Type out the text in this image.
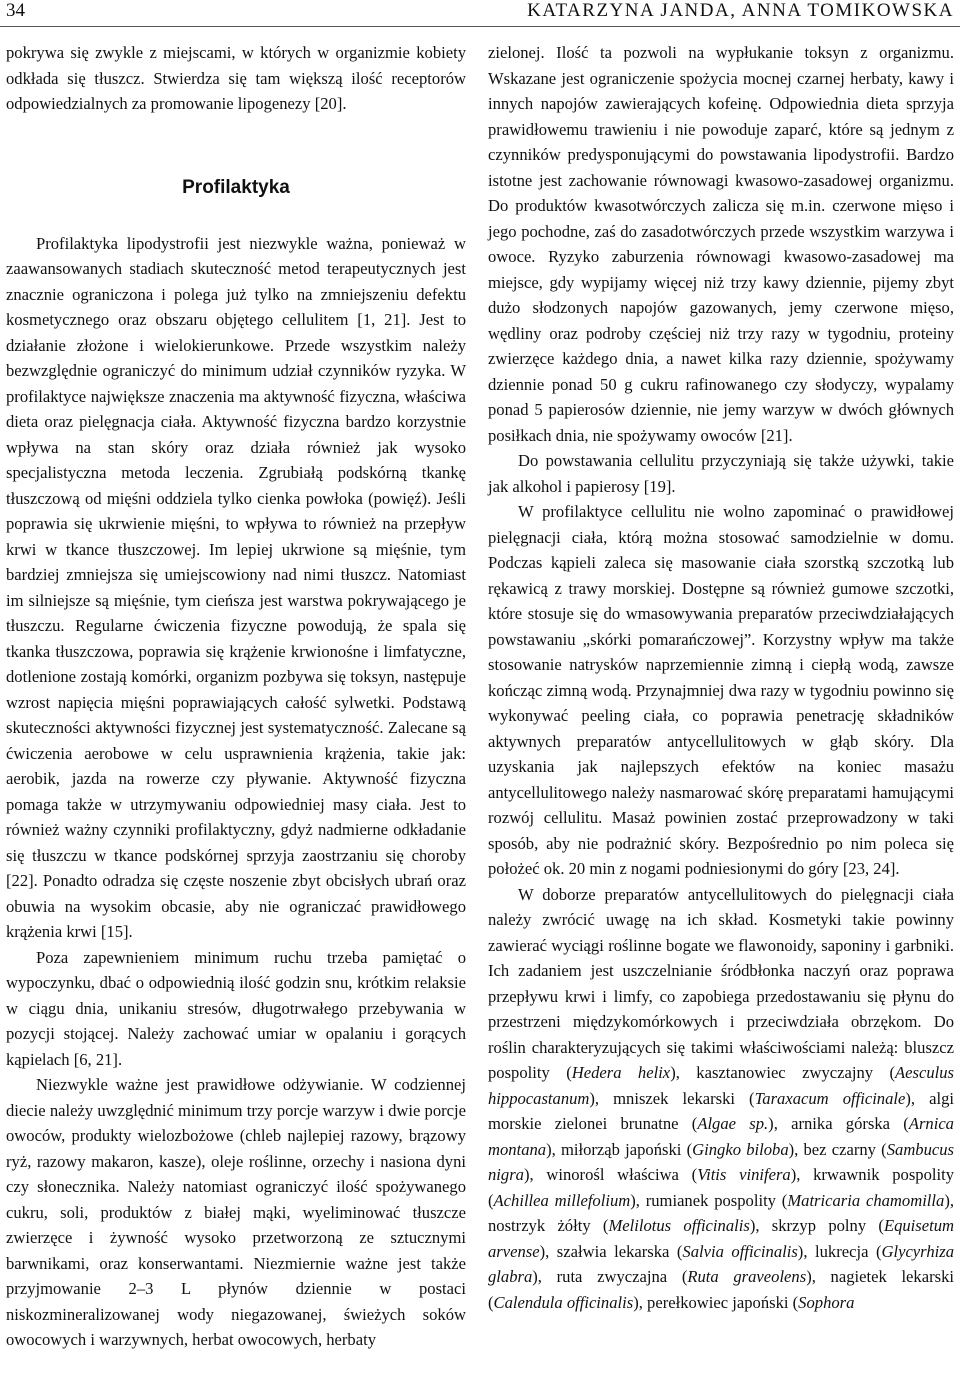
34	KATARZYNA JANDA, ANNA TOMIKOWSKA

pokrywa się zwykle z miejscami, w których w organizmie kobiety odkłada się tłuszcz. Stwierdza się tam większą ilość receptorów odpowiedzialnych za promowanie lipogenezy [20].

Profilaktyka

Profilaktyka lipodystrofii jest niezwykle ważna, ponieważ w zaawansowanych stadiach skuteczność metod terapeutycznych jest znacznie ograniczona i polega już tylko na zmniejszeniu defektu kosmetycznego oraz obszaru objętego cellulitem [1, 21]. Jest to działanie złożone i wielokierunkowe. Przede wszystkim należy bezwzględnie ograniczyć do minimum udział czynników ryzyka. W profilaktyce największe znaczenia ma aktywność fizyczna, właściwa dieta oraz pielęgnacja ciała. Aktywność fizyczna bardzo korzystnie wpływa na stan skóry oraz działa również jak wysoko specjalistyczna metoda leczenia. Zgrubiałą podskórną tkankę tłuszczową od mięśni oddziela tylko cienka powłoka (powięź). Jeśli poprawia się ukrwienie mięśni, to wpływa to również na przepływ krwi w tkance tłuszczowej. Im lepiej ukrwione są mięśnie, tym bardziej zmniejsza się umiejscowiony nad nimi tłuszcz. Natomiast im silniejsze są mięśnie, tym cieńsza jest warstwa pokrywającego je tłuszczu. Regularne ćwiczenia fizyczne powodują, że spala się tkanka tłuszczowa, poprawia się krążenie krwionośne i limfatyczne, dotlenione zostają komórki, organizm pozbywa się toksyn, następuje wzrost napięcia mięśni poprawiających całość sylwetki. Podstawą skuteczności aktywności fizycznej jest systematyczność. Zalecane są ćwiczenia aerobowe w celu usprawnienia krążenia, takie jak: aerobik, jazda na rowerze czy pływanie. Aktywność fizyczna pomaga także w utrzymywaniu odpowiedniej masy ciała. Jest to również ważny czynniki profilaktyczny, gdyż nadmierne odkładanie się tłuszczu w tkance podskórnej sprzyja zaostrzaniu się choroby [22]. Ponadto odradza się częste noszenie zbyt obcisłych ubrań oraz obuwia na wysokim obcasie, aby nie ograniczać prawidłowego krążenia krwi [15].

Poza zapewnieniem minimum ruchu trzeba pamiętać o wypoczynku, dbać o odpowiednią ilość godzin snu, krótkim relaksie w ciągu dnia, unikaniu stresów, długotrwałego przebywania w pozycji stojącej. Należy zachować umiar w opalaniu i gorących kąpielach [6, 21].

Niezwykle ważne jest prawidłowe odżywianie. W codziennej diecie należy uwzględnić minimum trzy porcje warzyw i dwie porcje owoców, produkty wielozbożowe (chleb najlepiej razowy, brązowy ryż, razowy makaron, kasze), oleje roślinne, orzechy i nasiona dyni czy słonecznika. Należy natomiast ograniczyć ilość spożywanego cukru, soli, produktów z białej mąki, wyeliminować tłuszcze zwierzęce i żywność wysoko przetworzoną ze sztucznymi barwnikami, oraz konserwantami. Niezmiernie ważne jest także przyjmowanie 2–3 L płynów dziennie w postaci niskozmineralizowanej wody niegazowanej, świeżych soków owocowych i warzywnych, herbat owocowych, herbaty

zielonej. Ilość ta pozwoli na wypłukanie toksyn z organizmu. Wskazane jest ograniczenie spożycia mocnej czarnej herbaty, kawy i innych napojów zawierających kofeinę. Odpowiednia dieta sprzyja prawidłowemu trawieniu i nie powoduje zaparć, które są jednym z czynników predysponującymi do powstawania lipodystrofii. Bardzo istotne jest zachowanie równowagi kwasowo-zasadowej organizmu. Do produktów kwasotwórczych zalicza się m.in. czerwone mięso i jego pochodne, zaś do zasadotwórczych przede wszystkim warzywa i owoce. Ryzyko zaburzenia równowagi kwasowo-zasadowej ma miejsce, gdy wypijamy więcej niż trzy kawy dziennie, pijemy zbyt dużo słodzonych napojów gazowanych, jemy czerwone mięso, wędliny oraz podroby częściej niż trzy razy w tygodniu, proteiny zwierzęce każdego dnia, a nawet kilka razy dziennie, spożywamy dziennie ponad 50 g cukru rafinowanego czy słodyczy, wypalamy ponad 5 papierosów dziennie, nie jemy warzyw w dwóch głównych posiłkach dnia, nie spożywamy owoców [21].

Do powstawania cellulitu przyczyniają się także używki, takie jak alkohol i papierosy [19].

W profilaktyce cellulitu nie wolno zapominać o prawidłowej pielęgnacji ciała, którą można stosować samodzielnie w domu. Podczas kąpieli zaleca się masowanie ciała szorstką szczotką lub rękawicą z trawy morskiej. Dostępne są również gumowe szczotki, które stosuje się do wmasowywania preparatów przeciwdziałających powstawaniu „skórki pomarańczowej”. Korzystny wpływ ma także stosowanie natrysków naprzemiennie zimną i ciepłą wodą, zawsze kończąc zimną wodą. Przynajmniej dwa razy w tygodniu powinno się wykonywać peeling ciała, co poprawia penetrację składników aktywnych preparatów antycellulitowych w głąb skóry. Dla uzyskania jak najlepszych efektów na koniec masażu antycellulitowego należy nasmarować skórę preparatami hamującymi rozwój cellulitu. Masaż powinien zostać przeprowadzony w taki sposób, aby nie podrażnić skóry. Bezpośrednio po nim poleca się położeć ok. 20 min z nogami podniesionymi do góry [23, 24].

W doborze preparatów antycellulitowych do pielęgnacji ciała należy zwrócić uwagę na ich skład. Kosmetyki takie powinny zawierać wyciągi roślinne bogate we flawonoidy, saponiny i garbniki. Ich zadaniem jest uszczelnianie śródbłonka naczyń oraz poprawa przepływu krwi i limfy, co zapobiega przedostawaniu się płynu do przestrzeni międzykomórkowych i przeciwdziała obrzękom. Do roślin charakteryzujących się takimi właściwościami należą: bluszcz pospolity (Hedera helix), kasztanowiec zwyczajny (Aesculus hippocastanum), mniszek lekarski (Taraxacum officinale), algi morskie zielonei brunatne (Algae sp.), arnika górska (Arnica montana), miłorząb japoński (Gingko biloba), bez czarny (Sambucus nigra), winorośl właściwa (Vitis vinifera), krwawnik pospolity (Achillea millefolium), rumianek pospolity (Matricaria chamomilla), nostrzyk żółty (Melilotus officinalis), skrzyp polny (Equisetum arvense), szałwia lekarska (Salvia officinalis), lukrecja (Glycyrhiza glabra), ruta zwyczajna (Ruta graveolens), nagietek lekarski (Calendula officinalis), perełkowiec japoński (Sophora
